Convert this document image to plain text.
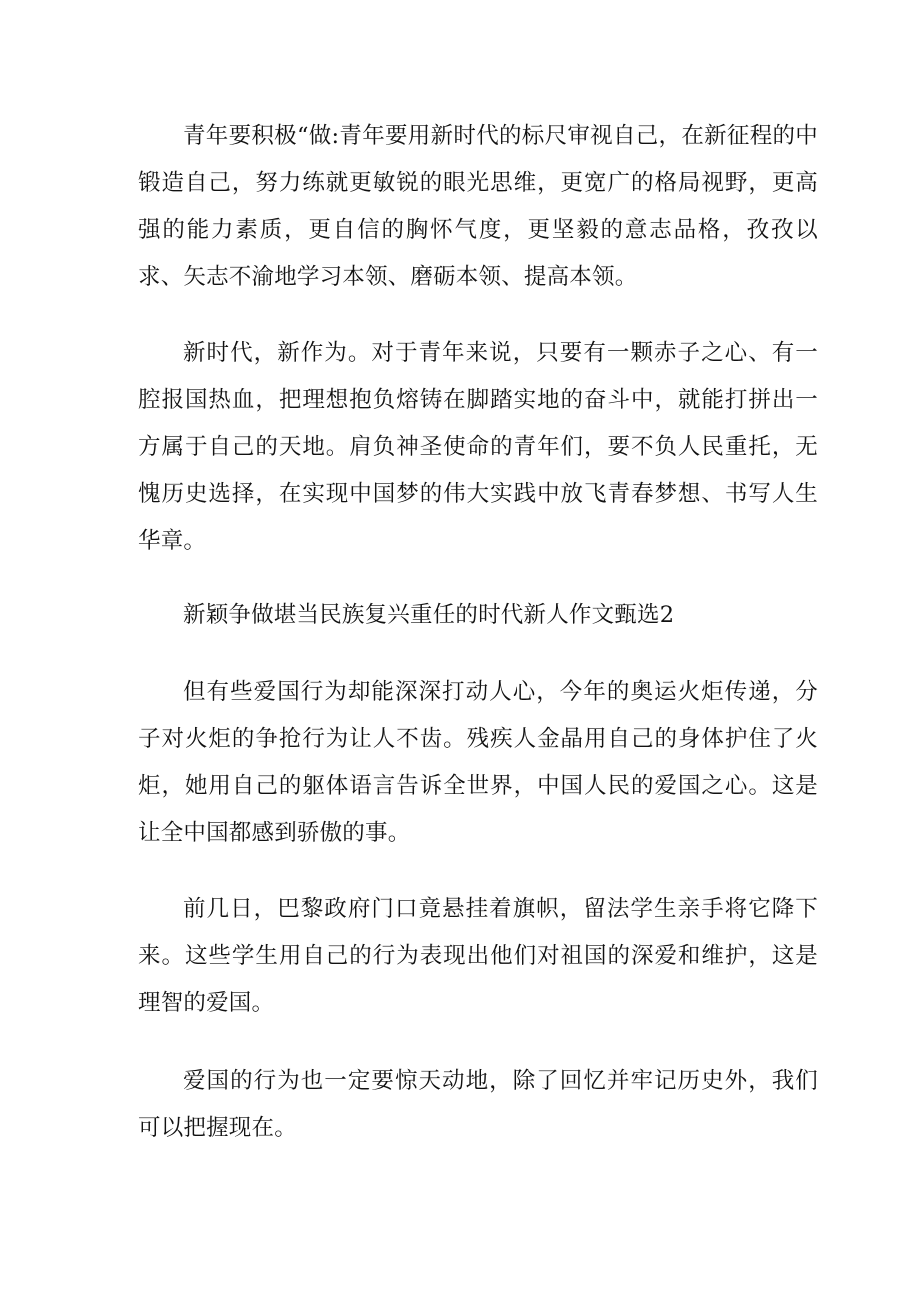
青年要积极“做:青年要用新时代的标尺审视自己，在新征程的中锻造自己，努力练就更敏锐的眼光思维，更宽广的格局视野，更高强的能力素质，更自信的胸怀气度，更坚毅的意志品格，孜孜以求、矢志不渝地学习本领、磨砺本领、提高本领。

新时代，新作为。对于青年来说，只要有一颗赤子之心、有一腔报国热血，把理想抱负熔铸在脚踏实地的奋斗中，就能打拼出一方属于自己的天地。肩负神圣使命的青年们，要不负人民重托，无愧历史选择，在实现中国梦的伟大实践中放飞青春梦想、书写人生华章。

新颖争做堪当民族复兴重任的时代新人作文甄选2

但有些爱国行为却能深深打动人心，今年的奥运火炬传递，分子对火炬的争抢行为让人不齿。残疾人金晶用自己的身体护住了火炬，她用自己的躯体语言告诉全世界，中国人民的爱国之心。这是让全中国都感到骄傲的事。

前几日，巴黎政府门口竟悬挂着旗帜，留法学生亲手将它降下来。这些学生用自己的行为表现出他们对祖国的深爱和维护，这是理智的爱国。

爱国的行为也一定要惊天动地，除了回忆并牢记历史外，我们可以把握现在。
